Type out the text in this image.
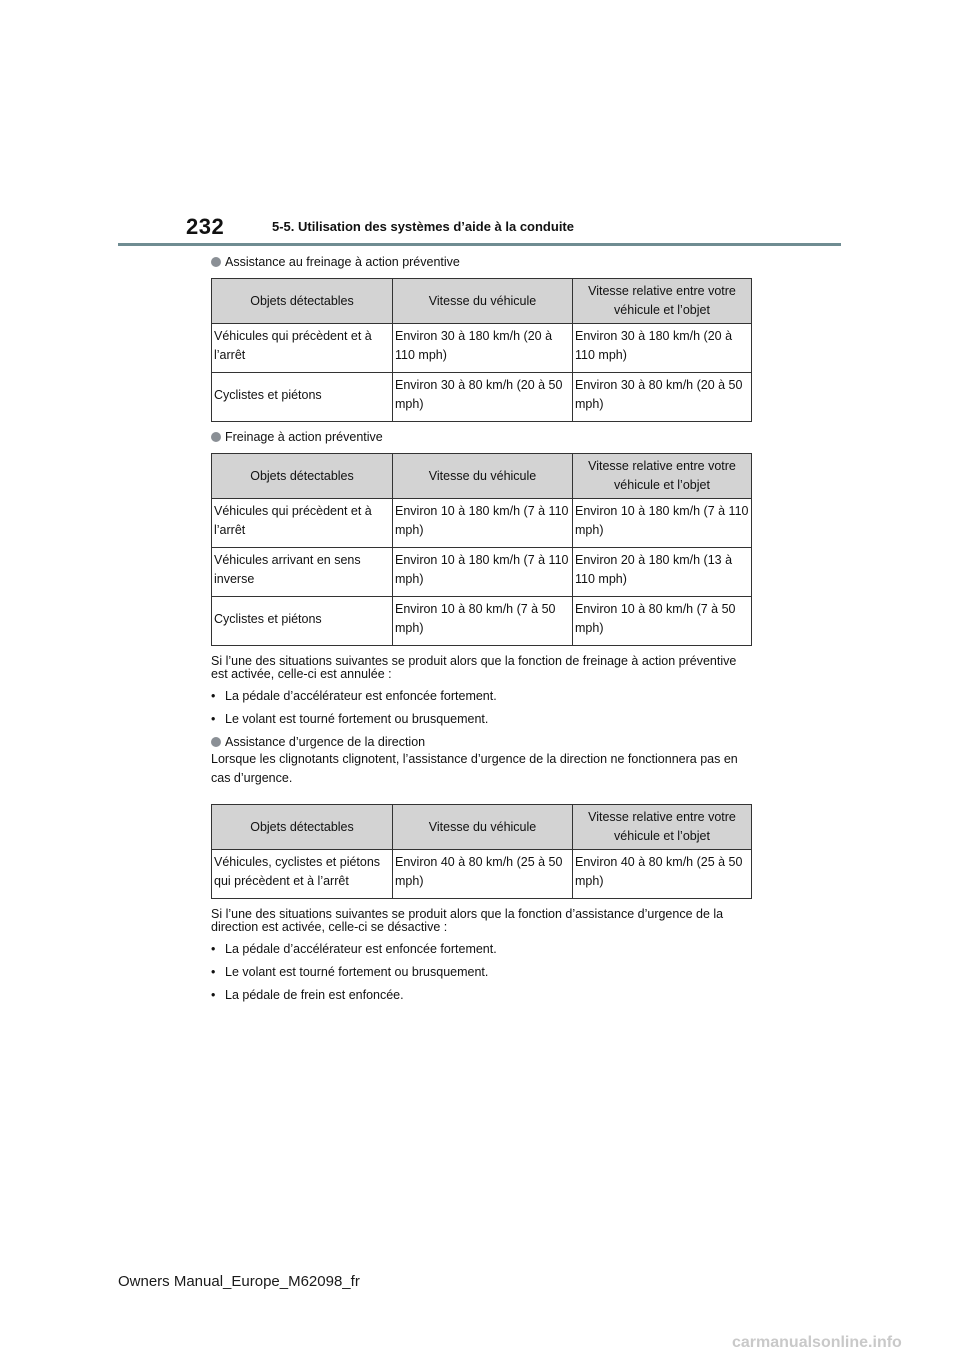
232	5-5. Utilisation des systèmes d’aide à la conduite
Assistance au freinage à action préventive
Objets détectables	Vitesse du véhicule	Vitesse relative entre votre véhicule et l’objet
Véhicules qui précèdent et à l’arrêt	Environ 30 à 180 km/h (20 à 110 mph)	Environ 30 à 180 km/h (20 à 110 mph)
Cyclistes et piétons	Environ 30 à 80 km/h (20 à 50 mph)	Environ 30 à 80 km/h (20 à 50 mph)
Freinage à action préventive
Objets détectables	Vitesse du véhicule	Vitesse relative entre votre véhicule et l’objet
Véhicules qui précèdent et à l’arrêt	Environ 10 à 180 km/h (7 à 110 mph)	Environ 10 à 180 km/h (7 à 110 mph)
Véhicules arrivant en sens inverse	Environ 10 à 180 km/h (7 à 110 mph)	Environ 20 à 180 km/h (13 à 110 mph)
Cyclistes et piétons	Environ 10 à 80 km/h (7 à 50 mph)	Environ 10 à 80 km/h (7 à 50 mph)

Si l’une des situations suivantes se produit alors que la fonction de freinage à action préventive est activée, celle-ci est annulée :

• La pédale d’accélérateur est enfoncée fortement.

• Le volant est tourné fortement ou brusquement.

Assistance d’urgence de la direction

Lorsque les clignotants clignotent, l’assistance d’urgence de la direction ne fonctionnera pas en cas d’urgence.

Objets détectables	Vitesse du véhicule	Vitesse relative entre votre véhicule et l’objet
Véhicules, cyclistes et piétons qui précèdent et à l’arrêt	Environ 40 à 80 km/h (25 à 50 mph)	Environ 40 à 80 km/h (25 à 50 mph)

Si l’une des situations suivantes se produit alors que la fonction d’assistance d’urgence de la direction est activée, celle-ci se désactive :

• La pédale d’accélérateur est enfoncée fortement.

• Le volant est tourné fortement ou brusquement.

• La pédale de frein est enfoncée.

Owners Manual_Europe_M62098_fr
carmanualsonline.info
